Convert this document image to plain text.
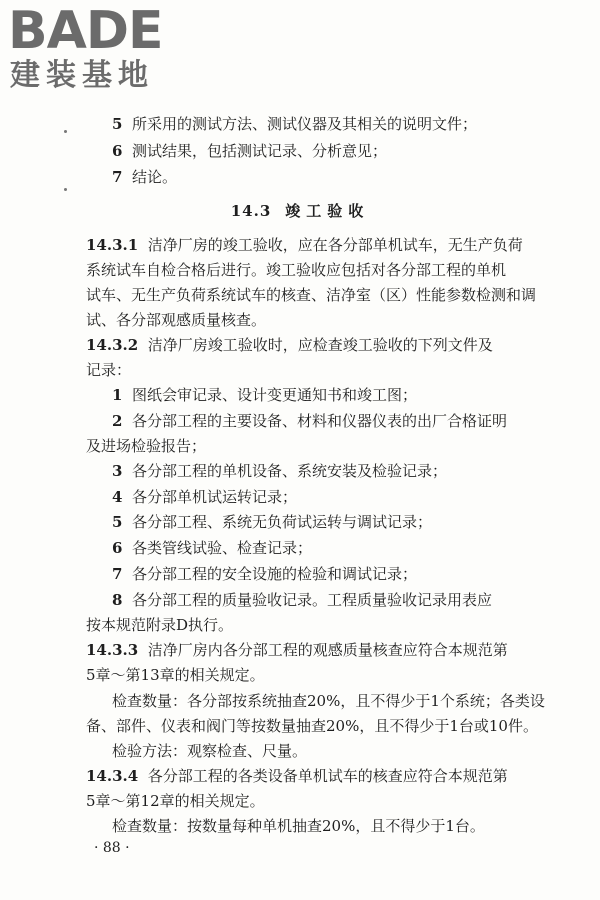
BADE
建装基地
5 所采用的测试方法、测试仪器及其相关的说明文件；
6 测试结果，包括测试记录、分析意见；
7 结论。
14.3 竣工验收
14.3.1 洁净厂房的竣工验收，应在各分部单机试车，无生产负荷
系统试车自检合格后进行。竣工验收应包括对各分部工程的单机
试车、无生产负荷系统试车的核查、洁净室（区）性能参数检测和调
试、各分部观感质量核查。
14.3.2 洁净厂房竣工验收时，应检查竣工验收的下列文件及
记录：
1 图纸会审记录、设计变更通知书和竣工图；
2 各分部工程的主要设备、材料和仪器仪表的出厂合格证明
及进场检验报告；
3 各分部工程的单机设备、系统安装及检验记录；
4 各分部单机试运转记录；
5 各分部工程、系统无负荷试运转与调试记录；
6 各类管线试验、检查记录；
7 各分部工程的安全设施的检验和调试记录；
8 各分部工程的质量验收记录。工程质量验收记录用表应
按本规范附录D执行。
14.3.3 洁净厂房内各分部工程的观感质量核查应符合本规范第
5章～第13章的相关规定。
检查数量：各分部按系统抽查20%，且不得少于1个系统；各类设
备、部件、仪表和阀门等按数量抽查20%，且不得少于1台或10件。
检验方法：观察检查、尺量。
14.3.4 各分部工程的各类设备单机试车的核查应符合本规范第
5章～第12章的相关规定。
检查数量：按数量每种单机抽查20%，且不得少于1台。
· 88 ·
